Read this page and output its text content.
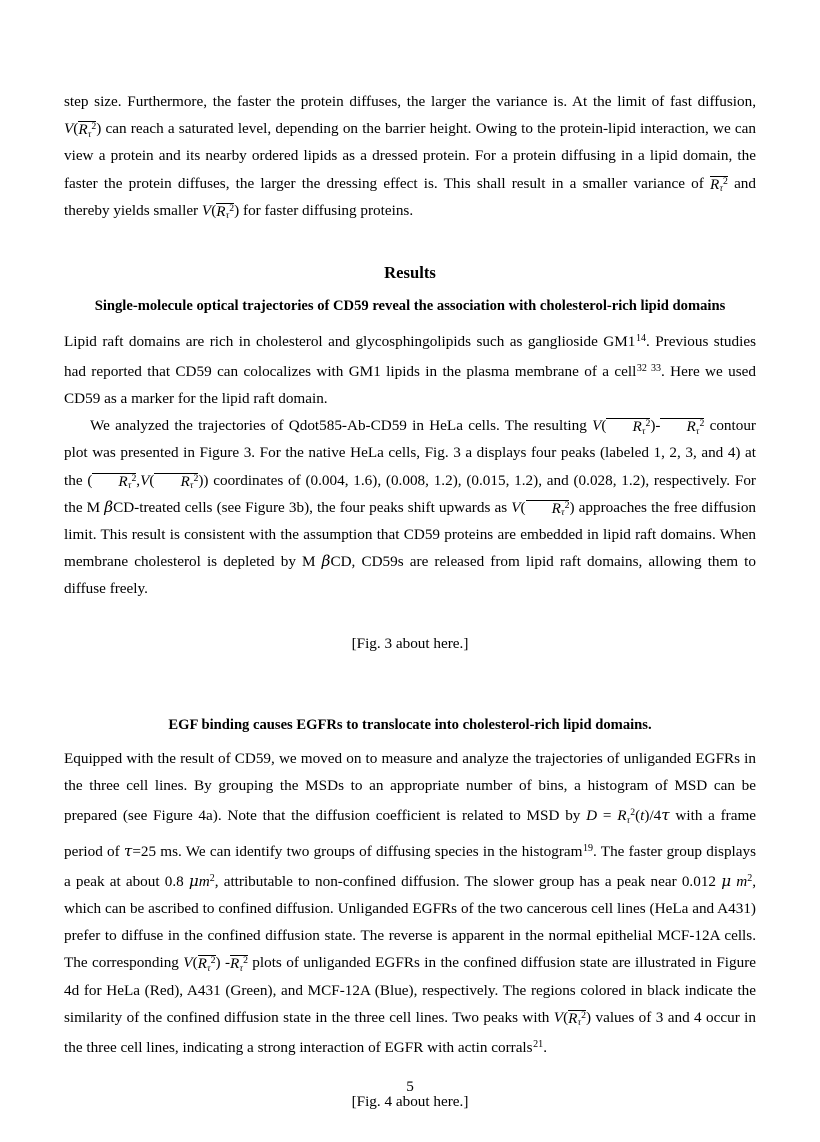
step size. Furthermore, the faster the protein diffuses, the larger the variance is. At the limit of fast diffusion, $V(R_\tau^2)$ can reach a saturated level, depending on the barrier height. Owing to the protein-lipid interaction, we can view a protein and its nearby ordered lipids as a dressed protein. For a protein diffusing in a lipid domain, the faster the protein diffuses, the larger the dressing effect is. This shall result in a smaller variance of $R_\tau^2$ and thereby yields smaller $V(R_\tau^2)$ for faster diffusing proteins.

Results
Single-molecule optical trajectories of CD59 reveal the association with cholesterol-rich lipid domains

Lipid raft domains are rich in cholesterol and glycosphingolipids such as ganglioside GM1$^{14}$. Previous studies had reported that CD59 can colocalizes with GM1 lipids in the plasma membrane of a cell$^{32 33}$. Here we used CD59 as a marker for the lipid raft domain.

We analyzed the trajectories of Qdot585-Ab-CD59 in HeLa cells. The resulting V( $R_\tau^2)-$ $R_\tau^2$ contour plot was presented in Figure 3. For the native HeLa cells, Fig. 3 a displays four peaks (labeled 1, 2, 3, and 4) at the ( $R_\tau^2,V$( $R_\tau^2$)) coordinates of (0.004, 1.6), (0.008, 1.2), (0.015, 1.2), and (0.028, 1.2), respectively. For the M βCD-treated cells (see Figure 3b), the four peaks shift upwards as V( $R_\tau^2$) approaches the free diffusion limit. This result is consistent with the assumption that CD59 proteins are embedded in lipid raft domains. When membrane cholesterol is depleted by M βCD, CD59s are released from lipid raft domains, allowing them to diffuse freely.

[Fig. 3 about here.]

EGF binding causes EGFRs to translocate into cholesterol-rich lipid domains.

Equipped with the result of CD59, we moved on to measure and analyze the trajectories of unliganded EGFRs in the three cell lines. By grouping the MSDs to an appropriate number of bins, a histogram of MSD can be prepared (see Figure 4a). Note that the diffusion coefficient is related to MSD by $D = R_\tau^2(t)/4\tau$ with a frame period of τ=25 ms. We can identify two groups of diffusing species in the histogram$^{19}$. The faster group displays a peak at about 0.8 $\mu m^2$, attributable to non-confined diffusion. The slower group has a peak near 0.012 μ $m^2$, which can be ascribed to confined diffusion. Unliganded EGFRs of the two cancerous cell lines (HeLa and A431) prefer to diffuse in the confined diffusion state. The reverse is apparent in the normal epithelial MCF-12A cells. The corresponding $V(R_\tau^2)$ $-R_\tau^2$ plots of unliganded EGFRs in the confined diffusion state are illustrated in Figure 4d for HeLa (Red), A431 (Green), and MCF-12A (Blue), respectively. The regions colored in black indicate the similarity of the confined diffusion state in the three cell lines. Two peaks with $V(R_\tau^2)$ values of 3 and 4 occur in the three cell lines, indicating a strong interaction of EGFR with actin corrals$^{21}$.

[Fig. 4 about here.]

5
